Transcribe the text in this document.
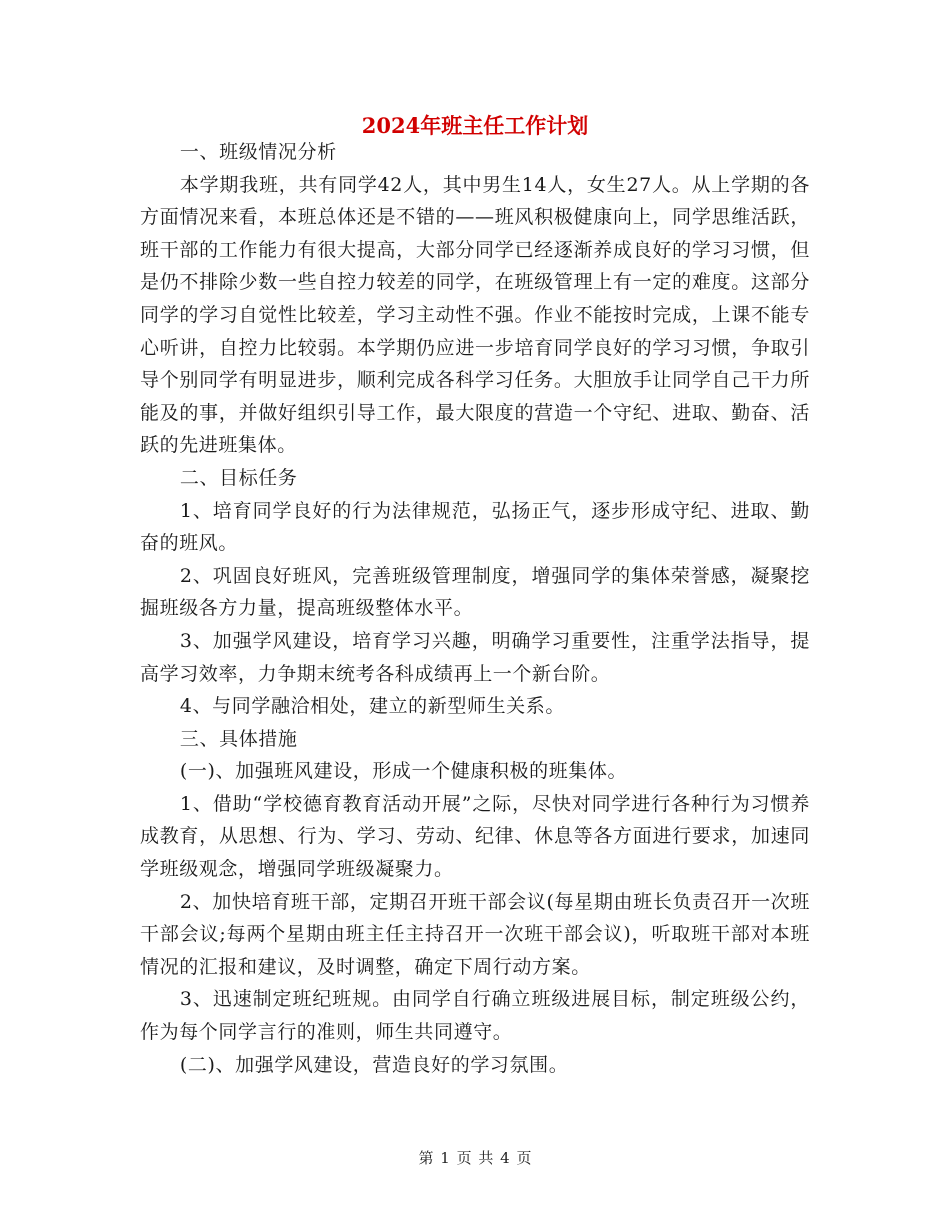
2024年班主任工作计划

一、班级情况分析

本学期我班，共有同学42人，其中男生14人，女生27人。从上学期的各方面情况来看，本班总体还是不错的——班风积极健康向上，同学思维活跃，班干部的工作能力有很大提高，大部分同学已经逐渐养成良好的学习习惯，但是仍不排除少数一些自控力较差的同学，在班级管理上有一定的难度。这部分同学的学习自觉性比较差，学习主动性不强。作业不能按时完成，上课不能专心听讲，自控力比较弱。本学期仍应进一步培育同学良好的学习习惯，争取引导个别同学有明显进步，顺利完成各科学习任务。大胆放手让同学自己干力所能及的事，并做好组织引导工作，最大限度的营造一个守纪、进取、勤奋、活跃的先进班集体。

二、目标任务

1、培育同学良好的行为法律规范，弘扬正气，逐步形成守纪、进取、勤奋的班风。

2、巩固良好班风，完善班级管理制度，增强同学的集体荣誉感，凝聚挖掘班级各方力量，提高班级整体水平。

3、加强学风建设，培育学习兴趣，明确学习重要性，注重学法指导，提高学习效率，力争期末统考各科成绩再上一个新台阶。

4、与同学融洽相处，建立的新型师生关系。

三、具体措施

(一)、加强班风建设，形成一个健康积极的班集体。

1、借助“学校德育教育活动开展”之际，尽快对同学进行各种行为习惯养成教育，从思想、行为、学习、劳动、纪律、休息等各方面进行要求，加速同学班级观念，增强同学班级凝聚力。

2、加快培育班干部，定期召开班干部会议(每星期由班长负责召开一次班干部会议;每两个星期由班主任主持召开一次班干部会议)，听取班干部对本班情况的汇报和建议，及时调整，确定下周行动方案。

3、迅速制定班纪班规。由同学自行确立班级进展目标，制定班级公约，作为每个同学言行的准则，师生共同遵守。

(二)、加强学风建设，营造良好的学习氛围。

第 1 页 共 4 页
